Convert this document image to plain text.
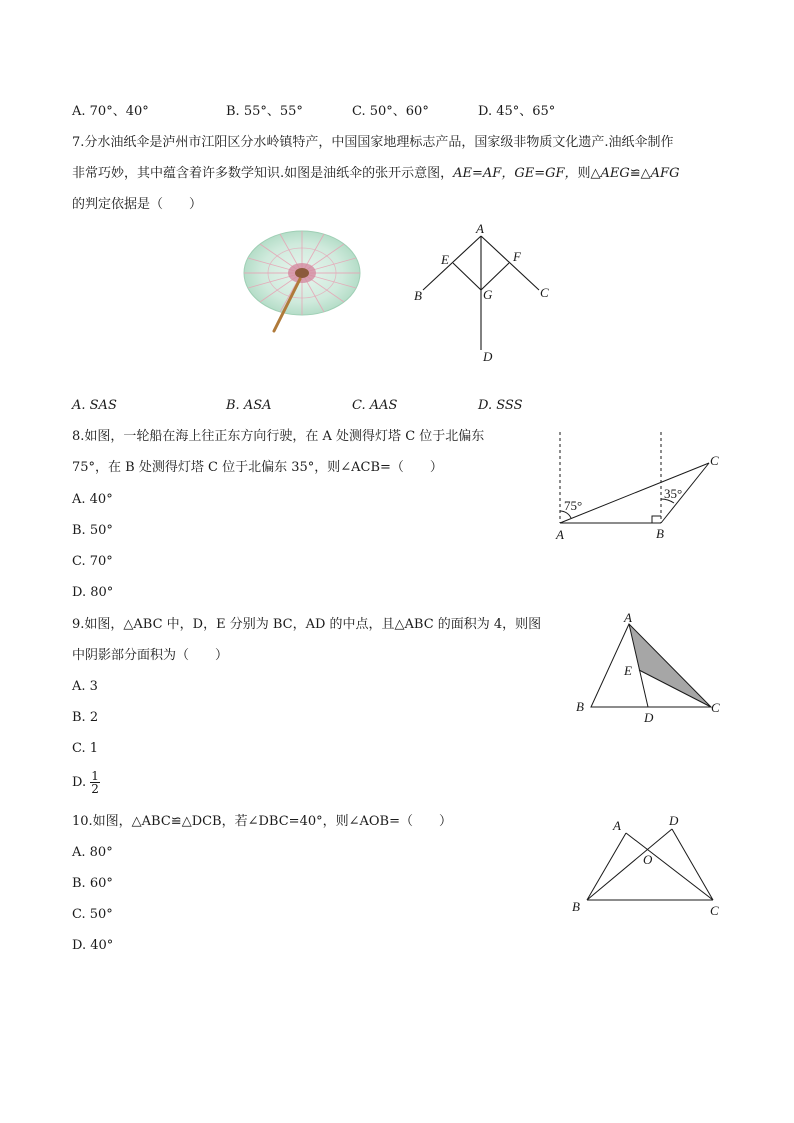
A. 70°、40°	B. 55°、55°	C. 50°、60°	D. 45°、65°
7.分水油纸伞是泸州市江阳区分水岭镇特产，中国国家地理标志产品，国家级非物质文化遗产.油纸伞制作
非常巧妙，其中蕴含着许多数学知识.如图是油纸伞的张开示意图，AE=AF，GE=GF，则△AEG≌△AFG
的判定依据是（　　）
A
E	F
B	G	C
D
A. SAS	B. ASA	C. AAS	D. SSS
8.如图，一轮船在海上往正东方向行驶，在 A 处测得灯塔 C 位于北偏东
75°，在 B 处测得灯塔 C 位于北偏东 35°，则∠ACB=（　　）
A. 40°
B. 50°
C. 70°
D. 80°
75°
35°
A	B
C
9.如图，△ABC 中，D，E 分别为 BC，AD 的中点，且△ABC 的面积为 4，则图
中阴影部分面积为（　　）
A. 3
B. 2
C. 1
D. $\frac{1}{2}$
A
E
B
D
C
10.如图，△ABC≌△DCB，若∠DBC=40°，则∠AOB=（　　）
A. 80°
B. 60°
C. 50°
D. 40°
A	D
O
B	C
